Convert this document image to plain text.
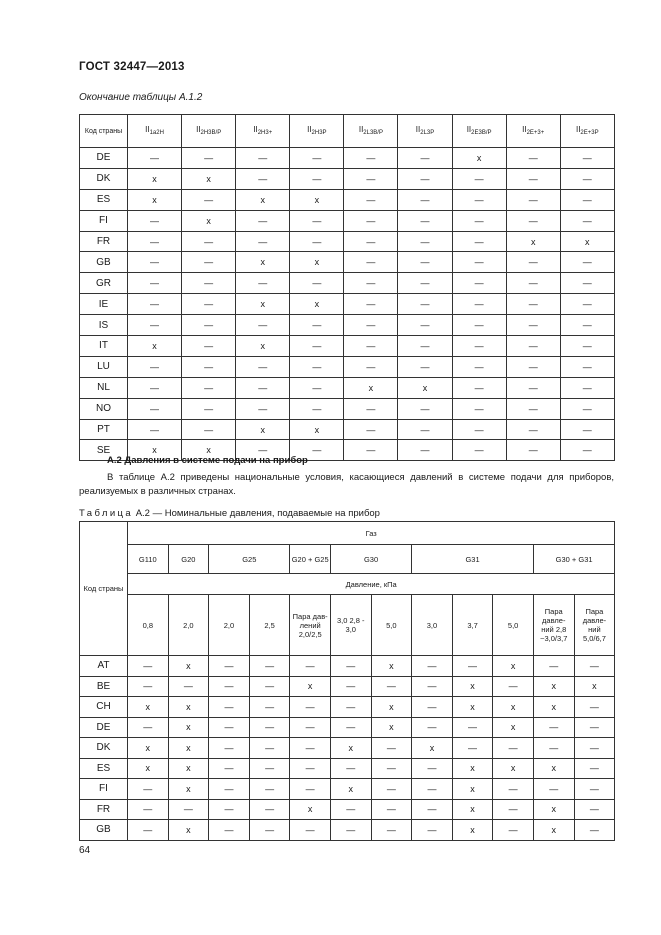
ГОСТ 32447—2013
Окончание таблицы А.1.2
Код страны	$II_{1a2H}$	$II_{2H3B/P}$	$II_{2H3+}$	$II_{2H3P}$	$II_{2L3B/P}$	$II_{2L3P}$	$II_{2E3B/P}$	$II_{2E+3+}$	$II_{2E+3P}$
DE	—	—	—	—	—	—	x	—	—
DK	x	x	—	—	—	—	—	—	—
ES	x	—	x	x	—	—	—	—	—
FI	—	x	—	—	—	—	—	—	—
FR	—	—	—	—	—	—	—	x	x
GB	—	—	x	x	—	—	—	—	—
GR	—	—	—	—	—	—	—	—	—
IE	—	—	x	x	—	—	—	—	—
IS	—	—	—	—	—	—	—	—	—
IT	x	—	x	—	—	—	—	—	—
LU	—	—	—	—	—	—	—	—	—
NL	—	—	—	—	x	x	—	—	—
NO	—	—	—	—	—	—	—	—	—
PT	—	—	x	x	—	—	—	—	—
SE	x	x	—	—	—	—	—	—	—
А.2 Давления в системе подачи на прибор
В таблице А.2 приведены национальные условия, касающиеся давлений в системе подачи для приборов, реализуемых в различных странах.
Таблица А.2 — Номинальные давления, подаваемые на прибор
Код страны	Газ											
	G110	G20	G25		G20 + G25	G30		G31			G30 + G31	
	Давление, кПа											
	0,8	2,0	2,0	2,5	Пара дав-лений 2,0/2,5	3,0 2,8 - 3,0	5,0	3,0	3,7	5,0	Пара давле-ний 2,8 ~3,0/3,7	Пара давле-ний 5,0/6,7
AT	—	x	—	—	—	—	x	—	—	x	—	—
BE	—	—	—	—	x	—	—	—	x	—	x	x
CH	x	x	—	—	—	—	x	—	x	x	x	—
DE	—	x	—	—	—	—	x	—	—	x	—	—
DK	x	x	—	—	—	x	—	x	—	—	—	—
ES	x	x	—	—	—	—	—	—	x	x	x	—
FI	—	x	—	—	—	x	—	—	x	—	—	—
FR	—	—	—	—	x	—	—	—	x	—	x	—
GB	—	x	—	—	—	—	—	—	x	—	x	—
64
